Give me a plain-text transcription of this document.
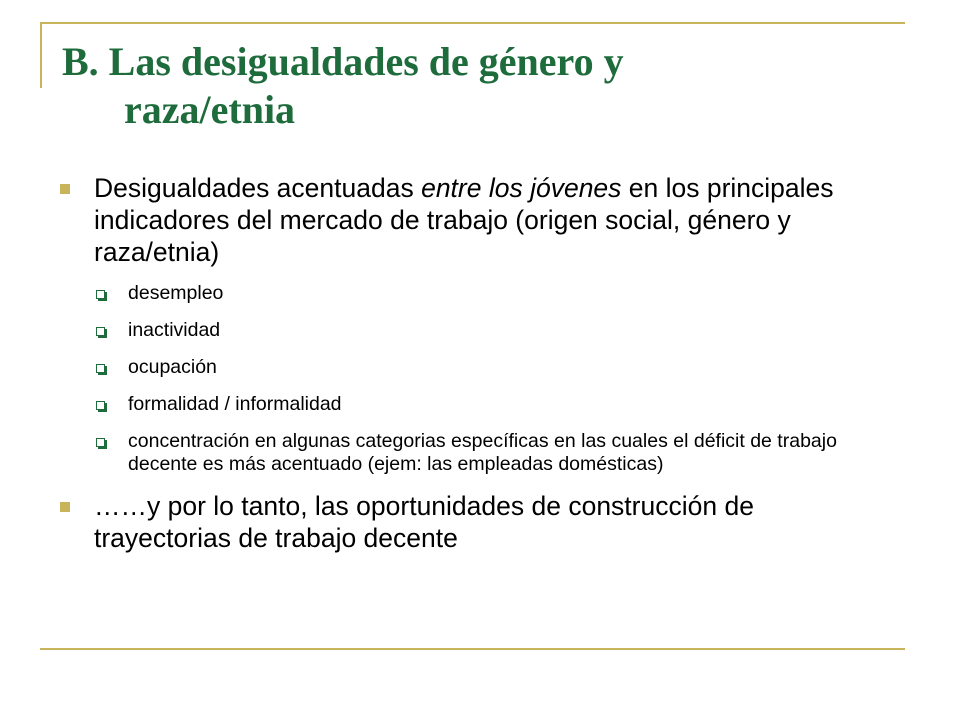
B. Las desigualdades de género y
raza/etnia
Desigualdades acentuadas entre los jóvenes en los principales indicadores del mercado de trabajo (origen social, género y raza/etnia)
desempleo
inactividad
ocupación
formalidad / informalidad
concentración en algunas categorias específicas en las cuales el déficit de trabajo decente es más acentuado (ejem: las empleadas domésticas)
……y por lo tanto, las oportunidades de construcción de trayectorias de trabajo decente
